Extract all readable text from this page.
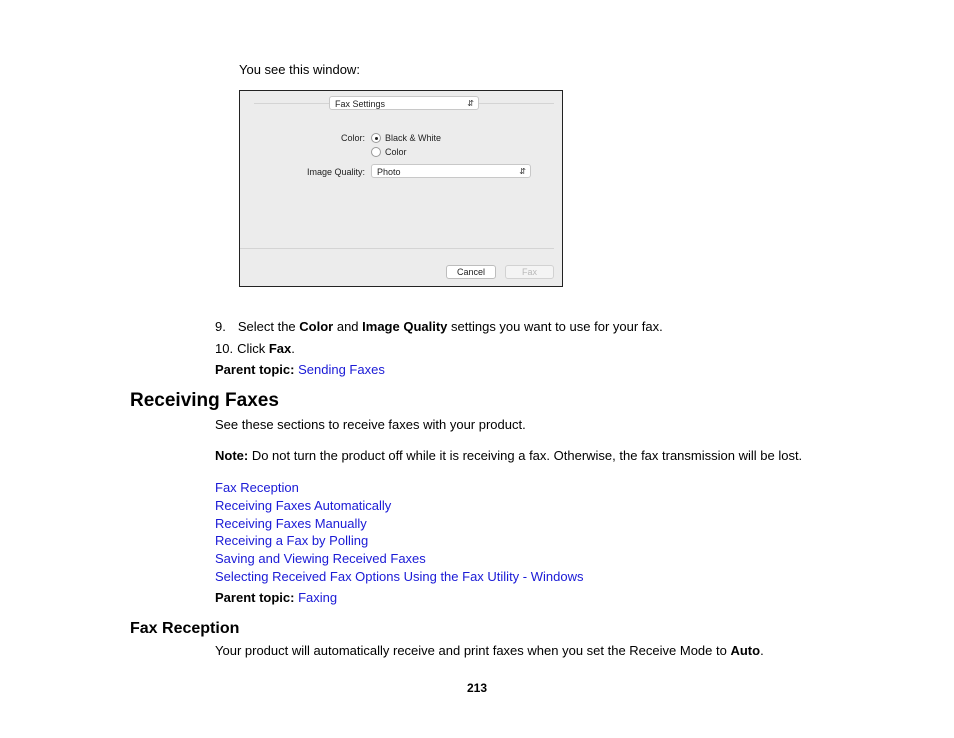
You see this window:
Fax Settings	⇵
Color: Black & White
Color
Image Quality:	Photo	⇵
Cancel	Fax
9. Select the Color and Image Quality settings you want to use for your fax.
10. Click Fax.
Parent topic: Sending Faxes
Receiving Faxes
See these sections to receive faxes with your product.
Note: Do not turn the product off while it is receiving a fax. Otherwise, the fax transmission will be lost.
Fax Reception
Receiving Faxes Automatically
Receiving Faxes Manually
Receiving a Fax by Polling
Saving and Viewing Received Faxes
Selecting Received Fax Options Using the Fax Utility - Windows
Parent topic: Faxing
Fax Reception
Your product will automatically receive and print faxes when you set the Receive Mode to Auto.
213
